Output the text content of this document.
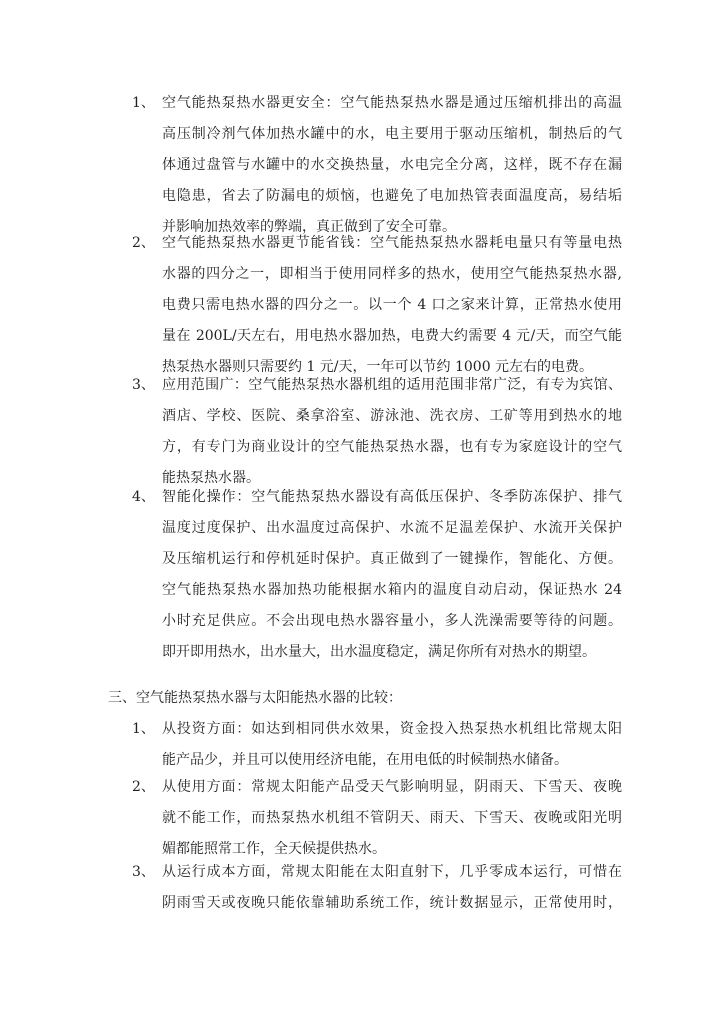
1、 空气能热泵热水器更安全：空气能热泵热水器是通过压缩机排出的高温
高压制冷剂气体加热水罐中的水，电主要用于驱动压缩机，制热后的气
体通过盘管与水罐中的水交换热量，水电完全分离，这样，既不存在漏
电隐患，省去了防漏电的烦恼，也避免了电加热管表面温度高，易结垢
并影响加热效率的弊端，真正做到了安全可靠。
2、 空气能热泵热水器更节能省钱：空气能热泵热水器耗电量只有等量电热
水器的四分之一，即相当于使用同样多的热水，使用空气能热泵热水器,
电费只需电热水器的四分之一。以一个 4 口之家来计算，正常热水使用
量在 200L/天左右，用电热水器加热，电费大约需要 4 元/天，而空气能
热泵热水器则只需要约 1 元/天，一年可以节约 1000 元左右的电费。
3、 应用范围广：空气能热泵热水器机组的适用范围非常广泛，有专为宾馆、
酒店、学校、医院、桑拿浴室、游泳池、洗衣房、工矿等用到热水的地
方，有专门为商业设计的空气能热泵热水器，也有专为家庭设计的空气
能热泵热水器。
4、 智能化操作：空气能热泵热水器设有高低压保护、冬季防冻保护、排气
温度过度保护、出水温度过高保护、水流不足温差保护、水流开关保护
及压缩机运行和停机延时保护。真正做到了一键操作，智能化、方便。
空气能热泵热水器加热功能根据水箱内的温度自动启动，保证热水 24
小时充足供应。不会出现电热水器容量小，多人洗澡需要等待的问题。
即开即用热水，出水量大，出水温度稳定，满足你所有对热水的期望。
三、空气能热泵热水器与太阳能热水器的比较：
1、 从投资方面：如达到相同供水效果，资金投入热泵热水机组比常规太阳
能产品少，并且可以使用经济电能，在用电低的时候制热水储备。
2、 从使用方面：常规太阳能产品受天气影响明显，阴雨天、下雪天、夜晚
就不能工作，而热泵热水机组不管阴天、雨天、下雪天、夜晚或阳光明
媚都能照常工作，全天候提供热水。
3、 从运行成本方面，常规太阳能在太阳直射下，几乎零成本运行，可惜在
阴雨雪天或夜晚只能依靠辅助系统工作，统计数据显示，正常使用时，
